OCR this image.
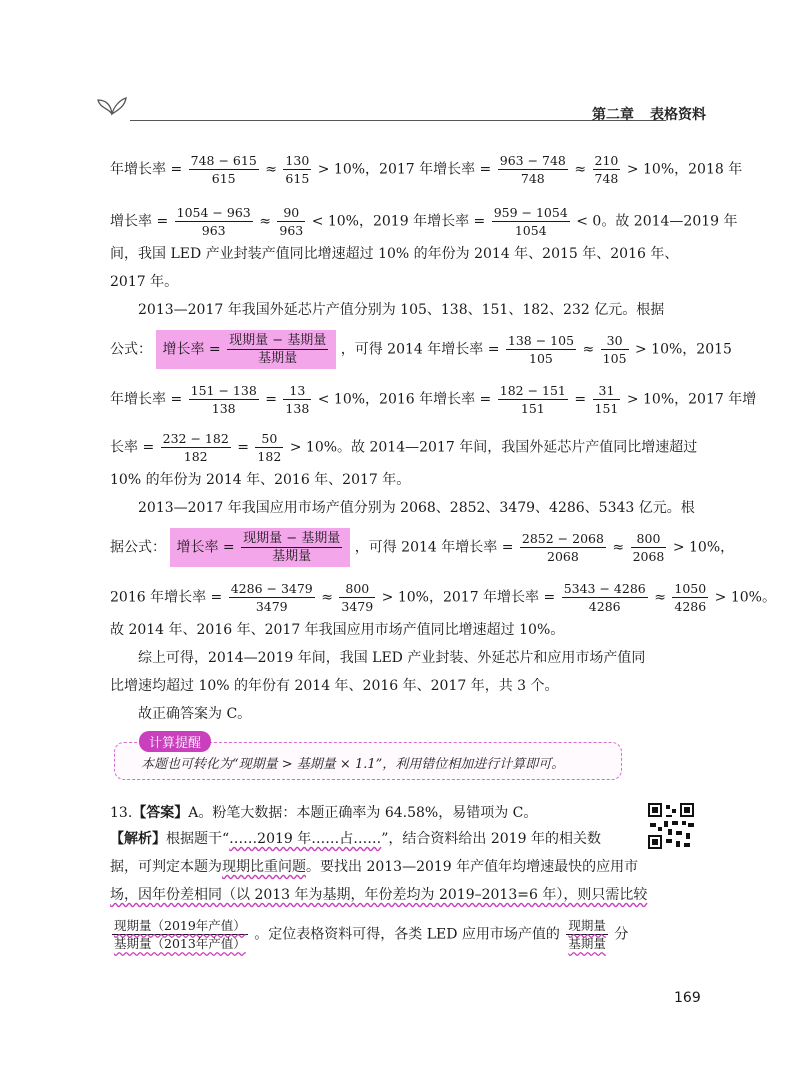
第二章 表格资料
年增长率 = $\frac{748 - 615}{615} \approx \frac{130}{615} > 10\%$，2017 年增长率 = $\frac{963 - 748}{748} \approx \frac{210}{748} > 10\%$，2018 年
增长率 = $\frac{1054 - 963}{963} \approx \frac{90}{963} < 10\%$，2019 年增长率 = $\frac{959 - 1054}{1054} < 0$。故 2014—2019 年
间，我国 LED 产业封装产值同比增速超过 10% 的年份为 2014 年、2015 年、2016 年、
2017 年。
2013—2017 年我国外延芯片产值分别为 105、138、151、182、232 亿元。根据
公式： 增长率 = $\frac{\text{现期量 − 基期量}}{\text{基期量}}$ ，可得 2014 年增长率 = $\frac{138 - 105}{105} \approx \frac{30}{105} > 10\%$，2015
年增长率 = $\frac{151 - 138}{138} = \frac{13}{138} < 10\%$，2016 年增长率 = $\frac{182 - 151}{151} = \frac{31}{151} > 10\%$，2017 年增
长率 = $\frac{232 - 182}{182} = \frac{50}{182} > 10\%$。故 2014—2017 年间，我国外延芯片产值同比增速超过
10% 的年份为 2014 年、2016 年、2017 年。
2013—2017 年我国应用市场产值分别为 2068、2852、3479、4286、5343 亿元。根
据公式： 增长率 = $\frac{\text{现期量 − 基期量}}{\text{基期量}}$ ，可得 2014 年增长率 = $\frac{2852 - 2068}{2068} \approx \frac{800}{2068} > 10\%$，
2016 年增长率 = $\frac{4286 - 3479}{3479} \approx \frac{800}{3479} > 10\%$，2017 年增长率 = $\frac{5343 - 4286}{4286} \approx \frac{1050}{4286} > 10\%$。
故 2014 年、2016 年、2017 年我国应用市场产值同比增速超过 10%。
综上可得，2014—2019 年间，我国 LED 产业封装、外延芯片和应用市场产值同
比增速均超过 10% 的年份有 2014 年、2016 年、2017 年，共 3 个。
故正确答案为 C。
计算提醒
本题也可转化为“现期量 > 基期量 × 1.1”，利用错位相加进行计算即可。
13.【答案】A。粉笔大数据：本题正确率为 64.58%，易错项为 C。
【解析】根据题干“……2019 年……占……”，结合资料给出 2019 年的相关数
据，可判定本题为现期比重问题。要找出 2013—2019 年产值年均增速最快的应用市
场，因年份差相同（以 2013 年为基期，年份差均为 2019–2013=6 年），则只需比较
$\frac{\text{现期量（2019年产值）}}{\text{基期量（2013年产值）}}$ 。定位表格资料可得，各类 LED 应用市场产值的 $\frac{\text{现期量}}{\text{基期量}}$ 分
169
